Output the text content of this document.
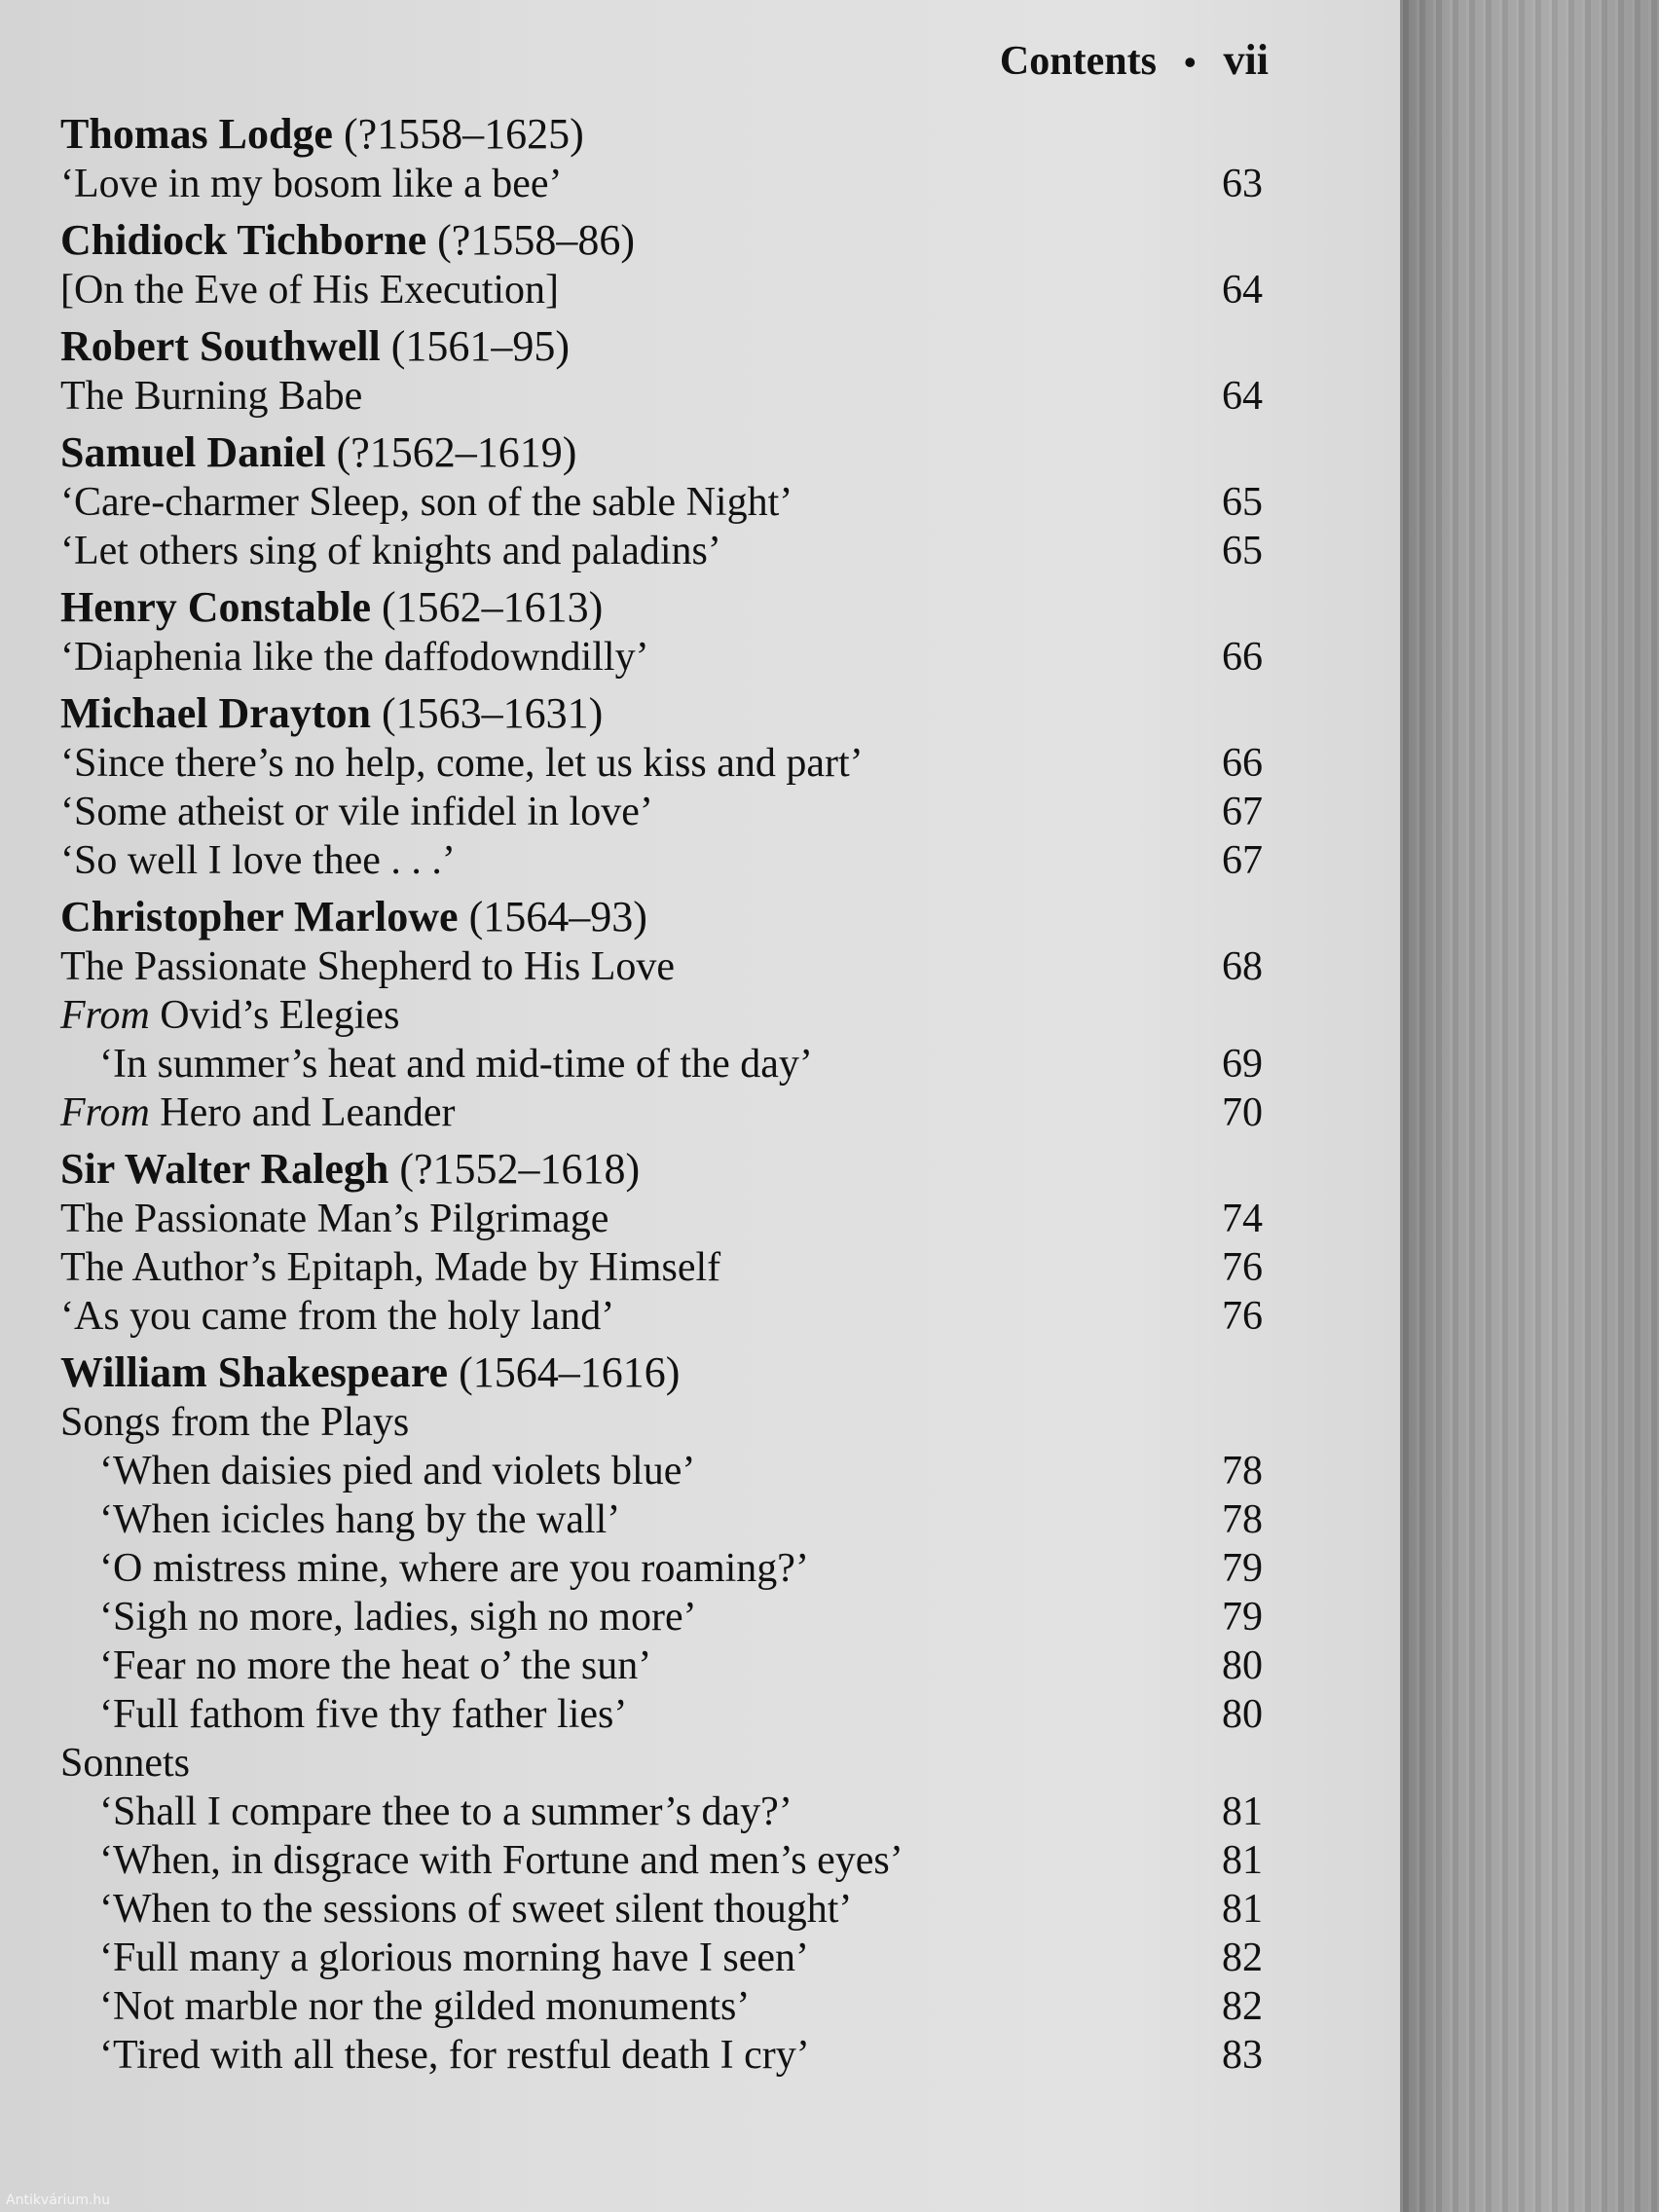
Contents • vii
Thomas Lodge (?1558–1625)
‘Love in my bosom like a bee’	63
Chidiock Tichborne (?1558–86)
[On the Eve of His Execution]	64
Robert Southwell (1561–95)
The Burning Babe	64
Samuel Daniel (?1562–1619)
‘Care-charmer Sleep, son of the sable Night’	65
‘Let others sing of knights and paladins’	65
Henry Constable (1562–1613)
‘Diaphenia like the daffodowndilly’	66
Michael Drayton (1563–1631)
‘Since there’s no help, come, let us kiss and part’	66
‘Some atheist or vile infidel in love’	67
‘So well I love thee . . .’	67
Christopher Marlowe (1564–93)
The Passionate Shepherd to His Love	68
From Ovid’s Elegies
‘In summer’s heat and mid-time of the day’	69
From Hero and Leander	70
Sir Walter Ralegh (?1552–1618)
The Passionate Man’s Pilgrimage	74
The Author’s Epitaph, Made by Himself	76
‘As you came from the holy land’	76
William Shakespeare (1564–1616)
Songs from the Plays
‘When daisies pied and violets blue’	78
‘When icicles hang by the wall’	78
‘O mistress mine, where are you roaming?’	79
‘Sigh no more, ladies, sigh no more’	79
‘Fear no more the heat o’ the sun’	80
‘Full fathom five thy father lies’	80
Sonnets
‘Shall I compare thee to a summer’s day?’	81
‘When, in disgrace with Fortune and men’s eyes’	81
‘When to the sessions of sweet silent thought’	81
‘Full many a glorious morning have I seen’	82
‘Not marble nor the gilded monuments’	82
‘Tired with all these, for restful death I cry’	83
Antikvárium.hu
